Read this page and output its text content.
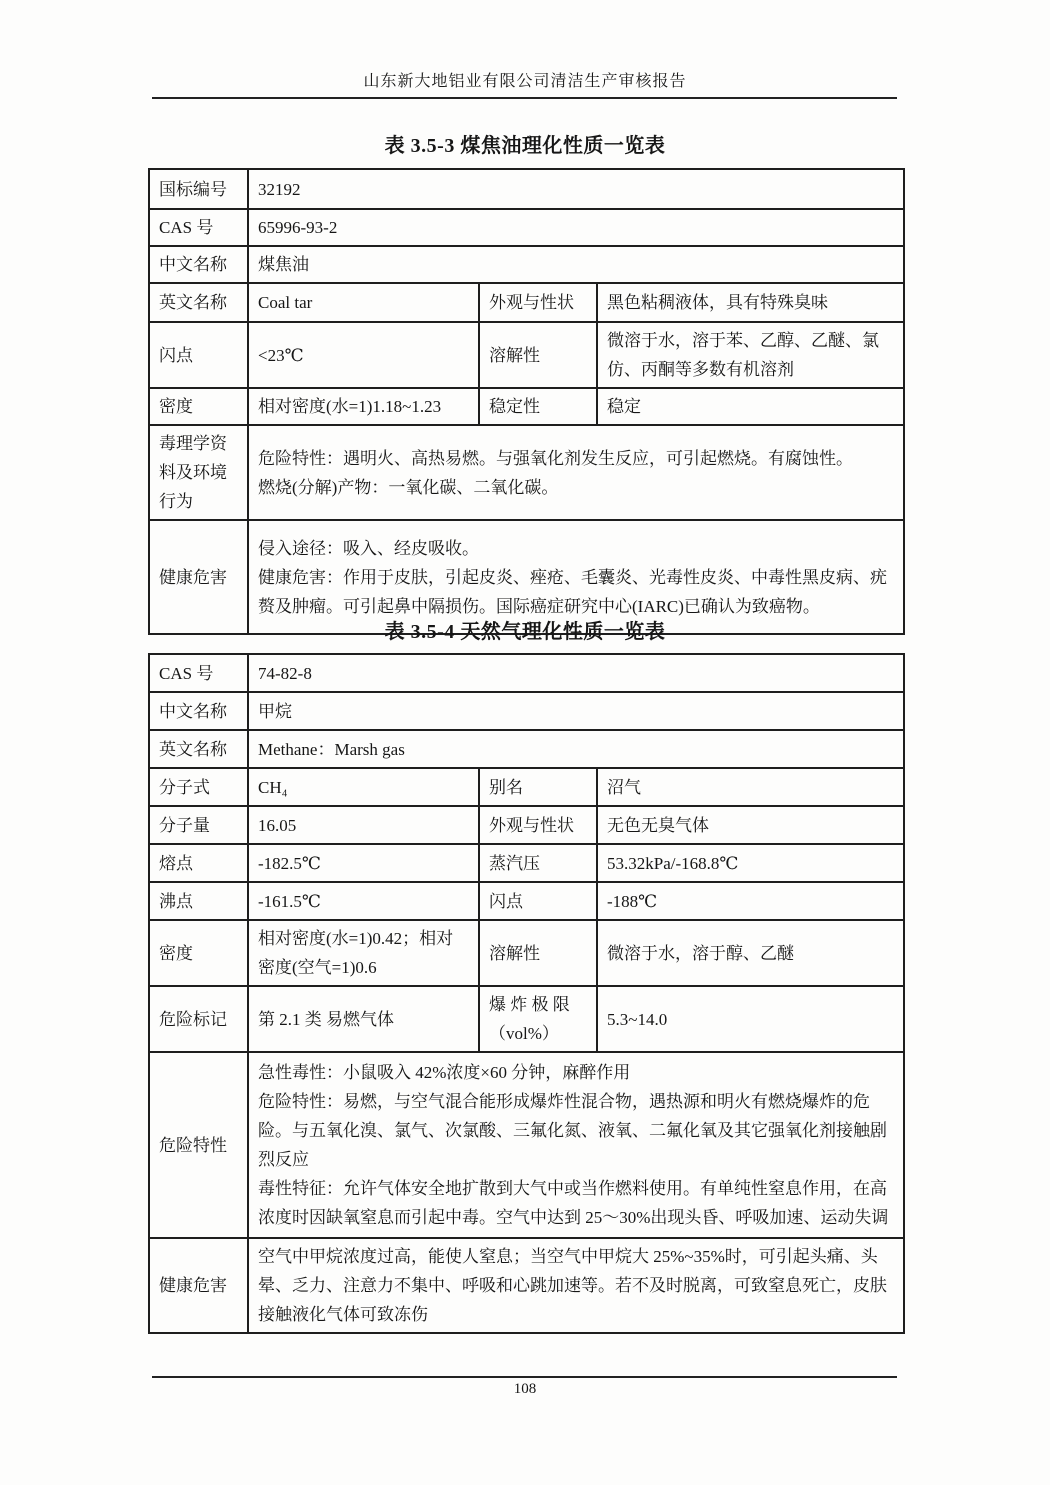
山东新大地铝业有限公司清洁生产审核报告
表 3.5-3 煤焦油理化性质一览表
国标编号	32192		
CAS 号	65996-93-2		
中文名称	煤焦油		
英文名称	Coal tar	外观与性状	黑色粘稠液体，具有特殊臭味
闪点	<23℃	溶解性	微溶于水，溶于苯、乙醇、乙醚、氯仿、丙酮等多数有机溶剂
密度	相对密度(水=1)1.18~1.23	稳定性	稳定
毒理学资料及环境行为	危险特性：遇明火、高热易燃。与强氧化剂发生反应，可引起燃烧。有腐蚀性。

燃烧(分解)产物：一氧化碳、二氧化碳。		

健康危害	侵入途径：吸入、经皮吸收。

健康危害：作用于皮肤，引起皮炎、痤疮、毛囊炎、光毒性皮炎、中毒性黑皮病、疣赘及肿瘤。可引起鼻中隔损伤。国际癌症研究中心(IARC)已确认为致癌物。		

表 3.5-4 天然气理化性质一览表
CAS 号	74-82-8		
中文名称	甲烷		
英文名称	Methane：Marsh gas		
分子式	CH₄	别名	沼气
分子量	16.05	外观与性状	无色无臭气体
熔点	-182.5℃	蒸汽压	53.32kPa/-168.8℃
沸点	-161.5℃	闪点	-188℃
密度	相对密度(水=1)0.42；相对密度(空气=1)0.6	溶解性	微溶于水，溶于醇、乙醚
危险标记	第 2.1 类 易燃气体	爆 炸 极 限 （vol%）	5.3~14.0
危险特性	急性毒性：小鼠吸入 42%浓度×60 分钟，麻醉作用

危险特性：易燃，与空气混合能形成爆炸性混合物，遇热源和明火有燃烧爆炸的危险。与五氧化溴、氯气、次氯酸、三氟化氮、液氧、二氟化氧及其它强氧化剂接触剧烈反应

毒性特征：允许气体安全地扩散到大气中或当作燃料使用。有单纯性窒息作用，在高浓度时因缺氧窒息而引起中毒。空气中达到 25～30%出现头昏、呼吸加速、运动失调		

健康危害	空气中甲烷浓度过高，能使人窒息；当空气中甲烷大 25%~35%时，可引起头痛、头晕、乏力、注意力不集中、呼吸和心跳加速等。若不及时脱离，可致窒息死亡，皮肤接触液化气体可致冻伤		
108
